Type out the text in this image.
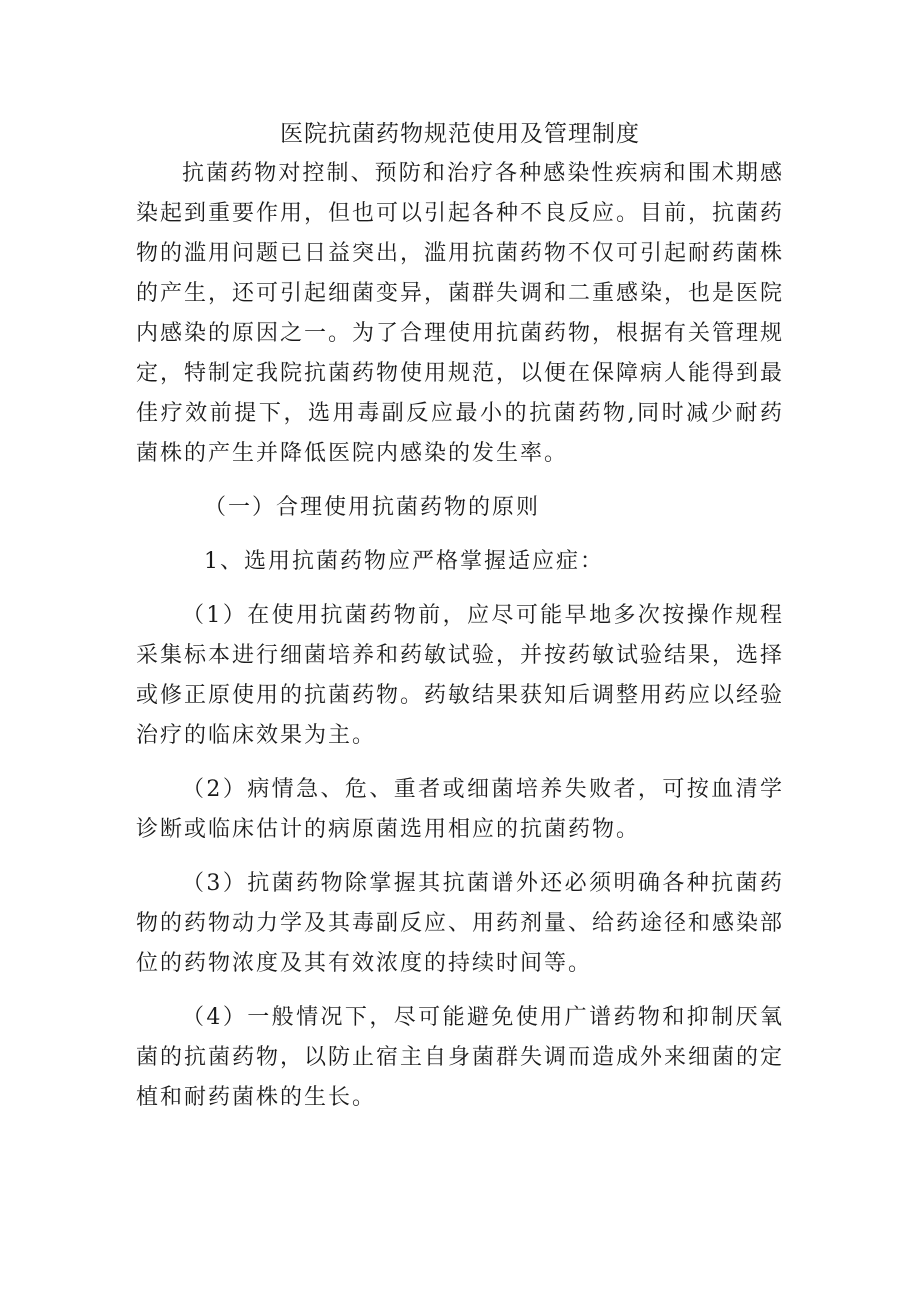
医院抗菌药物规范使用及管理制度

抗菌药物对控制、预防和治疗各种感染性疾病和围术期感染起到重要作用，但也可以引起各种不良反应。目前，抗菌药物的滥用问题已日益突出，滥用抗菌药物不仅可引起耐药菌株的产生，还可引起细菌变异，菌群失调和二重感染，也是医院内感染的原因之一。为了合理使用抗菌药物，根据有关管理规定，特制定我院抗菌药物使用规范，以便在保障病人能得到最佳疗效前提下，选用毒副反应最小的抗菌药物,同时减少耐药菌株的产生并降低医院内感染的发生率。

（一）合理使用抗菌药物的原则

1、选用抗菌药物应严格掌握适应症：

（1）在使用抗菌药物前，应尽可能早地多次按操作规程采集标本进行细菌培养和药敏试验，并按药敏试验结果，选择或修正原使用的抗菌药物。药敏结果获知后调整用药应以经验治疗的临床效果为主。

（2）病情急、危、重者或细菌培养失败者，可按血清学诊断或临床估计的病原菌选用相应的抗菌药物。

（3）抗菌药物除掌握其抗菌谱外还必须明确各种抗菌药物的药物动力学及其毒副反应、用药剂量、给药途径和感染部位的药物浓度及其有效浓度的持续时间等。

（4）一般情况下，尽可能避免使用广谱药物和抑制厌氧菌的抗菌药物，以防止宿主自身菌群失调而造成外来细菌的定植和耐药菌株的生长。
